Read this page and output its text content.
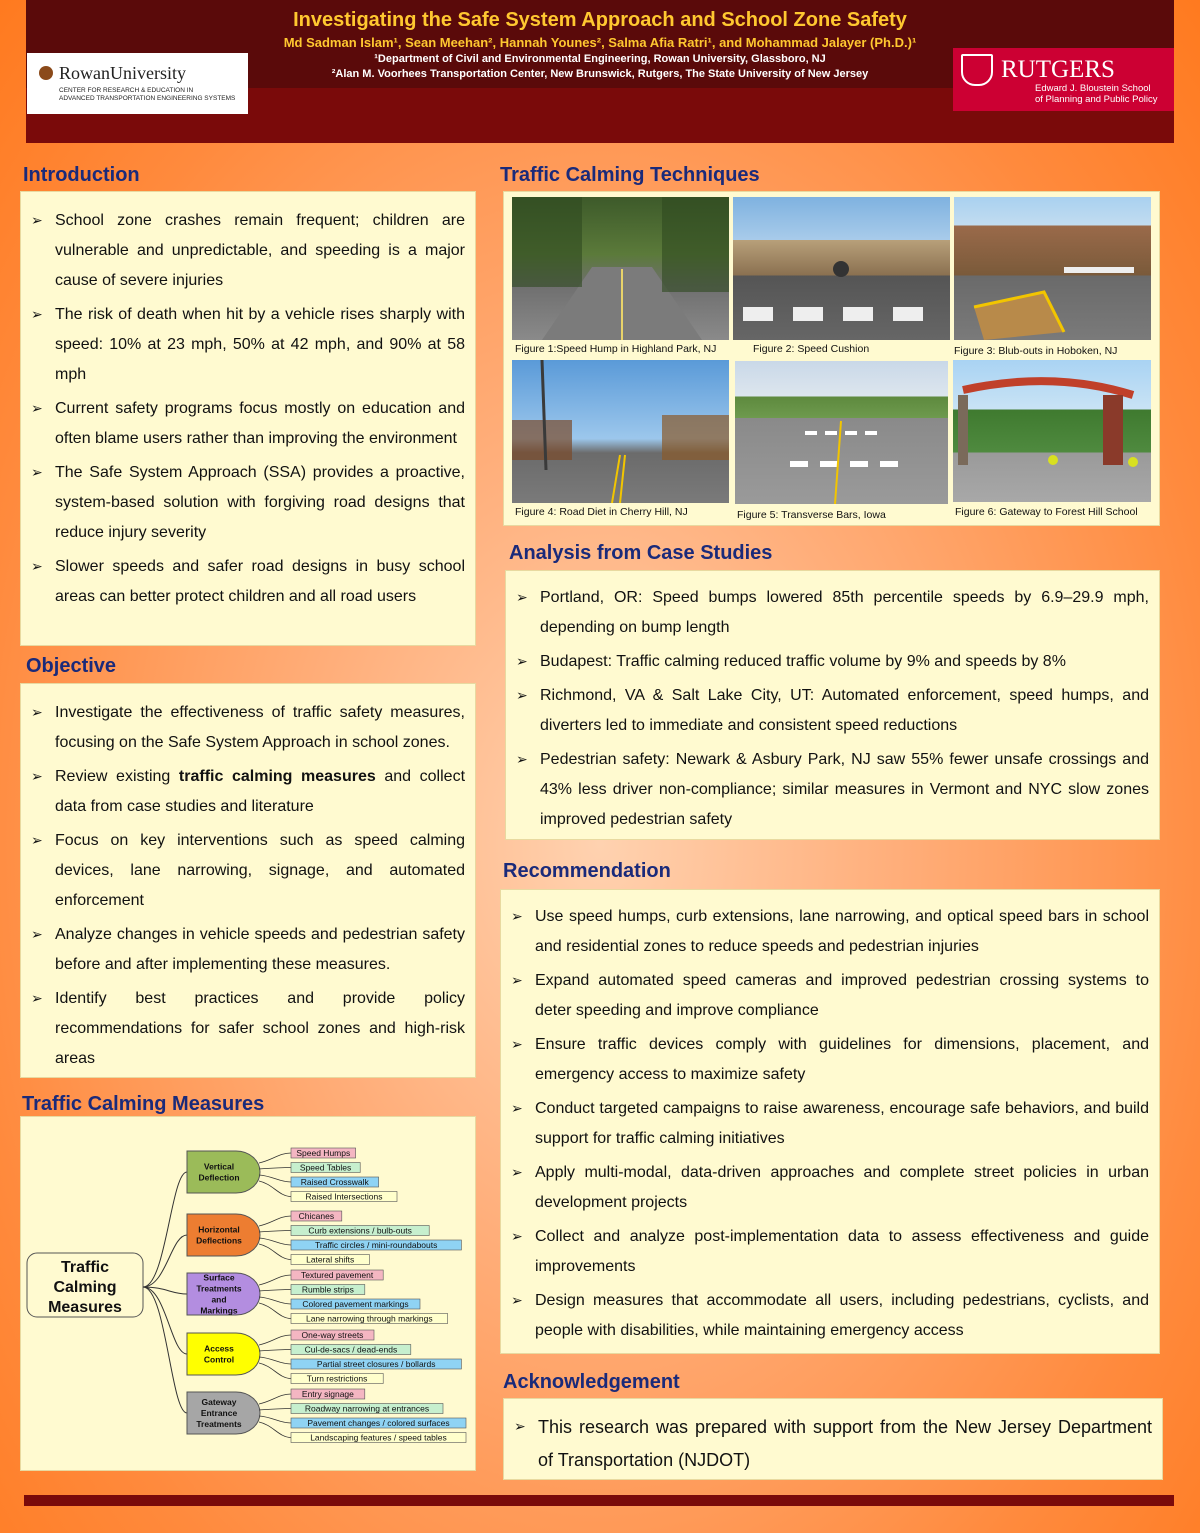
Investigating the Safe System Approach and School Zone Safety
Md Sadman Islam¹, Sean Meehan², Hannah Younes², Salma Afia Ratri¹, and Mohammad Jalayer (Ph.D.)¹
¹Department of Civil and Environmental Engineering, Rowan University, Glassboro, NJ
²Alan M. Voorhees Transportation Center, New Brunswick, Rutgers, The State University of New Jersey
RowanUniversity
CENTER FOR RESEARCH & EDUCATION IN
ADVANCED TRANSPORTATION ENGINEERING SYSTEMS
RUTGERS
Edward J. Bloustein School
of Planning and Public Policy
Introduction
➢ School zone crashes remain frequent; children are vulnerable and unpredictable, and speeding is a major cause of severe injuries
➢ The risk of death when hit by a vehicle rises sharply with speed: 10% at 23 mph, 50% at 42 mph, and 90% at 58 mph
➢ Current safety programs focus mostly on education and often blame users rather than improving the environment
➢ The Safe System Approach (SSA) provides a proactive, system-based solution with forgiving road designs that reduce injury severity
➢ Slower speeds and safer road designs in busy school areas can better protect children and all road users
Objective
➢ Investigate the effectiveness of traffic safety measures, focusing on the Safe System Approach in school zones.
➢ Review existing traffic calming measures and collect data from case studies and literature
➢ Focus on key interventions such as speed calming devices, lane narrowing, signage, and automated enforcement
➢ Analyze changes in vehicle speeds and pedestrian safety before and after implementing these measures.
➢ Identify best practices and provide policy recommendations for safer school zones and high-risk areas
Traffic Calming Measures
Traffic
Calming
Measures
Vertical
Deflection
Speed Humps
Speed Tables
Raised Crosswalk
Raised Intersections
Horizontal
Deflections
Chicanes
Curb extensions / bulb-outs
Traffic circles / mini-roundabouts
Lateral shifts
Surface
Treatments
and
Markings
Textured pavement
Rumble strips
Colored pavement markings
Lane narrowing through markings
Access
Control
One-way streets
Cul-de-sacs / dead-ends
Partial street closures / bollards
Turn restrictions
Gateway
Entrance
Treatments
Entry signage
Roadway narrowing at entrances
Pavement changes / colored surfaces
Landscaping features / speed tables
Traffic Calming Techniques
Figure 1:Speed Hump in Highland Park, NJ	Figure 2: Speed Cushion	Figure 3: Blub-outs in Hoboken, NJ
Figure 4: Road Diet in Cherry Hill, NJ	Figure 5: Transverse Bars, Iowa	Figure 6: Gateway to Forest Hill School
Analysis from Case Studies
➢ Portland, OR: Speed bumps lowered 85th percentile speeds by 6.9–29.9 mph, depending on bump length
➢ Budapest: Traffic calming reduced traffic volume by 9% and speeds by 8%
➢ Richmond, VA & Salt Lake City, UT: Automated enforcement, speed humps, and diverters led to immediate and consistent speed reductions
➢ Pedestrian safety: Newark & Asbury Park, NJ saw 55% fewer unsafe crossings and 43% less driver non-compliance; similar measures in Vermont and NYC slow zones improved pedestrian safety
Recommendation
➢ Use speed humps, curb extensions, lane narrowing, and optical speed bars in school and residential zones to reduce speeds and pedestrian injuries
➢ Expand automated speed cameras and improved pedestrian crossing systems to deter speeding and improve compliance
➢ Ensure traffic devices comply with guidelines for dimensions, placement, and emergency access to maximize safety
➢ Conduct targeted campaigns to raise awareness, encourage safe behaviors, and build support for traffic calming initiatives
➢ Apply multi-modal, data-driven approaches and complete street policies in urban development projects
➢ Collect and analyze post-implementation data to assess effectiveness and guide improvements
➢ Design measures that accommodate all users, including pedestrians, cyclists, and people with disabilities, while maintaining emergency access
Acknowledgement
➢ This research was prepared with support from the New Jersey Department of Transportation (NJDOT)
